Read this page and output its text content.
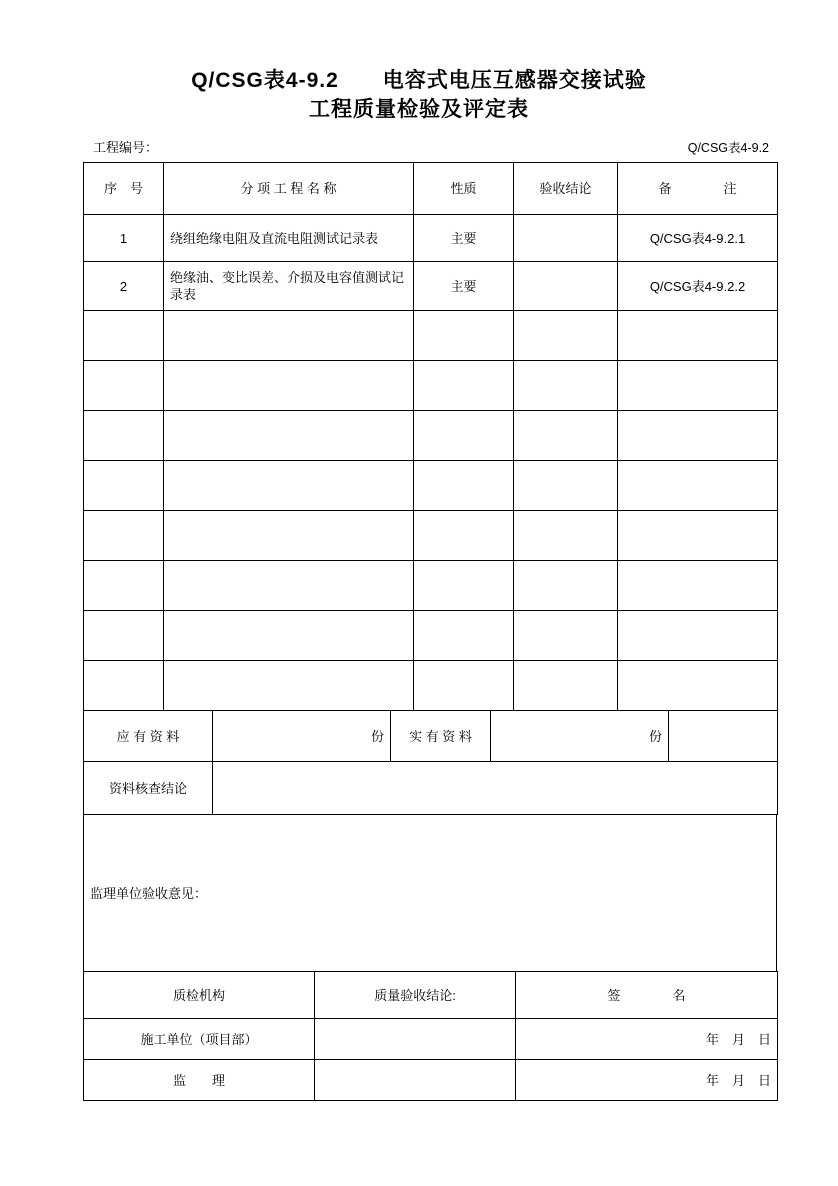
Q/CSG表4-9.2　　电容式电压互感器交接试验
工程质量检验及评定表
工程编号：	Q/CSG表4-9.2
序　号	分 项 工 程 名 称	性质	验收结论	备　　　　注
1	绕组绝缘电阻及直流电阻测试记录表	主要		Q/CSG表4-9.2.1
2	绝缘油、变比误差、介损及电容值测试记录表	主要		Q/CSG表4-9.2.2

应 有 资 料	份	实 有 资 料	份	
资料核查结论				
监理单位验收意见：
质检机构	质量验收结论:	签　　　　名
施工单位（项目部）		年　月　日
监　　理		年　月　日
